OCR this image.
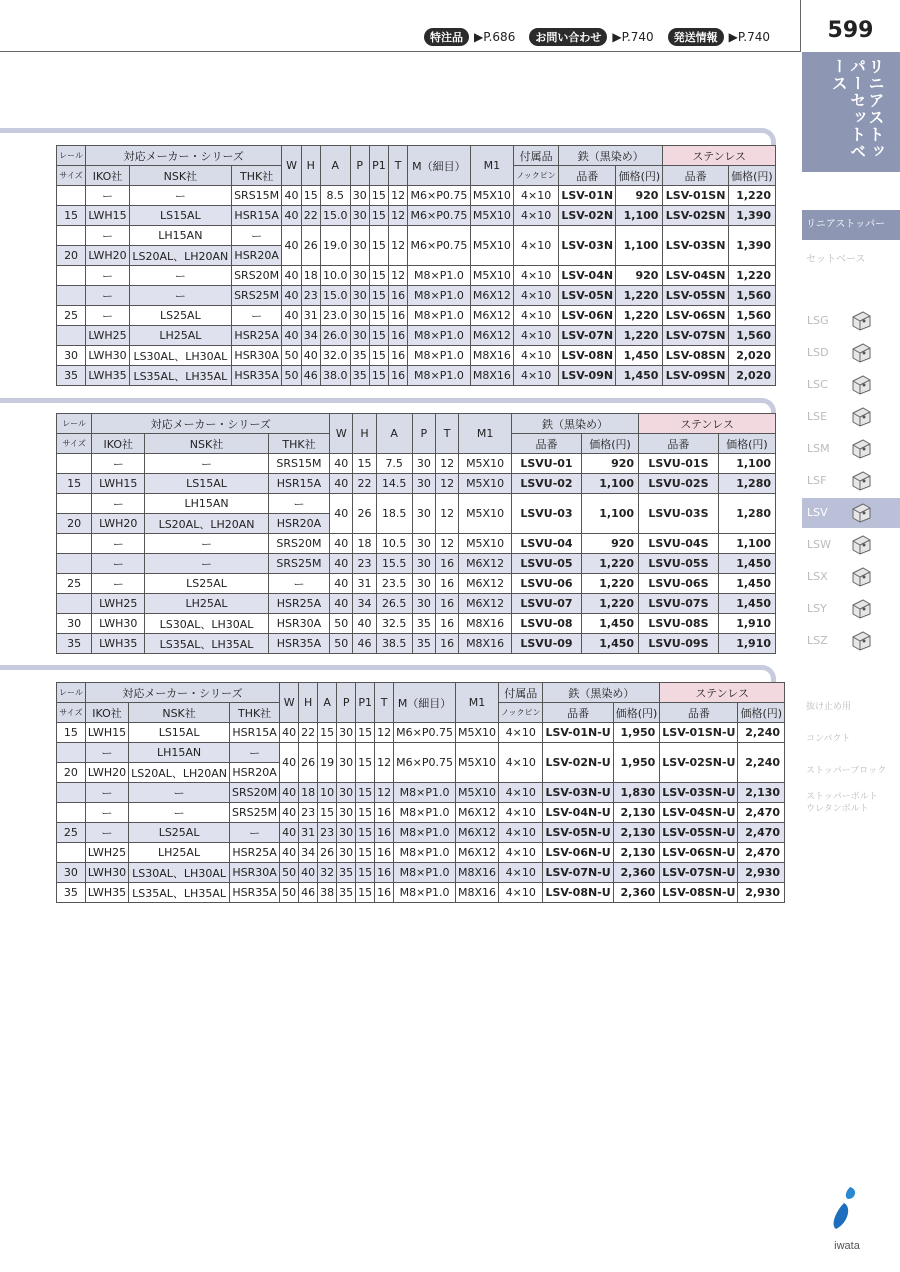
特注品 ▶P.686	お問い合わせ ▶P.740	発送情報 ▶P.740	599
リニアストッパーセットベース
リニアストッパー
セットベース
LSG
LSD
LSC
LSE
LSM
LSF
LSV
LSW
LSX
LSY
LSZ
抜け止め用
コンパクト
ストッパーブロック
ストッパーボルト
ウレタンボルト
レール	対応メーカー・シリーズ			W	H	A	P	P1	T	M（細目）	M1	付属品	鉄（黒染め）		ステンレス	
サイズ	IKO社	NSK社	THK社									ノックピン	品番	価格(円)	品番	価格(円)
	ー	ー	SRS15M	40	15	8.5	30	15	12	M6×P0.75	M5X10	4×10	LSV-01N	920	LSV-01SN	1,220
15	LWH15	LS15AL	HSR15A	40	22	15.0	30	15	12	M6×P0.75	M5X10	4×10	LSV-02N	1,100	LSV-02SN	1,390
	ー	LH15AN	ー	40	26	19.0	30	15	12	M6×P0.75	M5X10	4×10	LSV-03N	1,100	LSV-03SN	1,390
20	LWH20	LS20AL、LH20AN	HSR20A													
	ー	ー	SRS20M	40	18	10.0	30	15	12	M8×P1.0	M5X10	4×10	LSV-04N	920	LSV-04SN	1,220
	ー	ー	SRS25M	40	23	15.0	30	15	16	M8×P1.0	M6X12	4×10	LSV-05N	1,220	LSV-05SN	1,560
25	ー	LS25AL	ー	40	31	23.0	30	15	16	M8×P1.0	M6X12	4×10	LSV-06N	1,220	LSV-06SN	1,560
	LWH25	LH25AL	HSR25A	40	34	26.0	30	15	16	M8×P1.0	M6X12	4×10	LSV-07N	1,220	LSV-07SN	1,560
30	LWH30	LS30AL、LH30AL	HSR30A	50	40	32.0	35	15	16	M8×P1.0	M8X16	4×10	LSV-08N	1,450	LSV-08SN	2,020
35	LWH35	LS35AL、LH35AL	HSR35A	50	46	38.0	35	15	16	M8×P1.0	M8X16	4×10	LSV-09N	1,450	LSV-09SN	2,020
レール	対応メーカー・シリーズ			W	H	A	P	T	M1	鉄（黒染め）		ステンレス	
サイズ	IKO社	NSK社	THK社							品番	価格(円)	品番	価格(円)
	ー	ー	SRS15M	40	15	7.5	30	12	M5X10	LSVU-01	920	LSVU-01S	1,100
15	LWH15	LS15AL	HSR15A	40	22	14.5	30	12	M5X10	LSVU-02	1,100	LSVU-02S	1,280
	ー	LH15AN	ー	40	26	18.5	30	12	M5X10	LSVU-03	1,100	LSVU-03S	1,280
20	LWH20	LS20AL、LH20AN	HSR20A										
	ー	ー	SRS20M	40	18	10.5	30	12	M5X10	LSVU-04	920	LSVU-04S	1,100
	ー	ー	SRS25M	40	23	15.5	30	16	M6X12	LSVU-05	1,220	LSVU-05S	1,450
25	ー	LS25AL	ー	40	31	23.5	30	16	M6X12	LSVU-06	1,220	LSVU-06S	1,450
	LWH25	LH25AL	HSR25A	40	34	26.5	30	16	M6X12	LSVU-07	1,220	LSVU-07S	1,450
30	LWH30	LS30AL、LH30AL	HSR30A	50	40	32.5	35	16	M8X16	LSVU-08	1,450	LSVU-08S	1,910
35	LWH35	LS35AL、LH35AL	HSR35A	50	46	38.5	35	16	M8X16	LSVU-09	1,450	LSVU-09S	1,910
レール	対応メーカー・シリーズ			W	H	A	P	P1	T	M（細目）	M1	付属品	鉄（黒染め）		ステンレス	
サイズ	IKO社	NSK社	THK社									ノックピン	品番	価格(円)	品番	価格(円)
15	LWH15	LS15AL	HSR15A	40	22	15	30	15	12	M6×P0.75	M5X10	4×10	LSV-01N-U	1,950	LSV-01SN-U	2,240
	ー	LH15AN	ー	40	26	19	30	15	12	M6×P0.75	M5X10	4×10	LSV-02N-U	1,950	LSV-02SN-U	2,240
20	LWH20	LS20AL、LH20AN	HSR20A													
	ー	ー	SRS20M	40	18	10	30	15	12	M8×P1.0	M5X10	4×10	LSV-03N-U	1,830	LSV-03SN-U	2,130
	ー	ー	SRS25M	40	23	15	30	15	16	M8×P1.0	M6X12	4×10	LSV-04N-U	2,130	LSV-04SN-U	2,470
25	ー	LS25AL	ー	40	31	23	30	15	16	M8×P1.0	M6X12	4×10	LSV-05N-U	2,130	LSV-05SN-U	2,470
	LWH25	LH25AL	HSR25A	40	34	26	30	15	16	M8×P1.0	M6X12	4×10	LSV-06N-U	2,130	LSV-06SN-U	2,470
30	LWH30	LS30AL、LH30AL	HSR30A	50	40	32	35	15	16	M8×P1.0	M8X16	4×10	LSV-07N-U	2,360	LSV-07SN-U	2,930
35	LWH35	LS35AL、LH35AL	HSR35A	50	46	38	35	15	16	M8×P1.0	M8X16	4×10	LSV-08N-U	2,360	LSV-08SN-U	2,930
iwata
